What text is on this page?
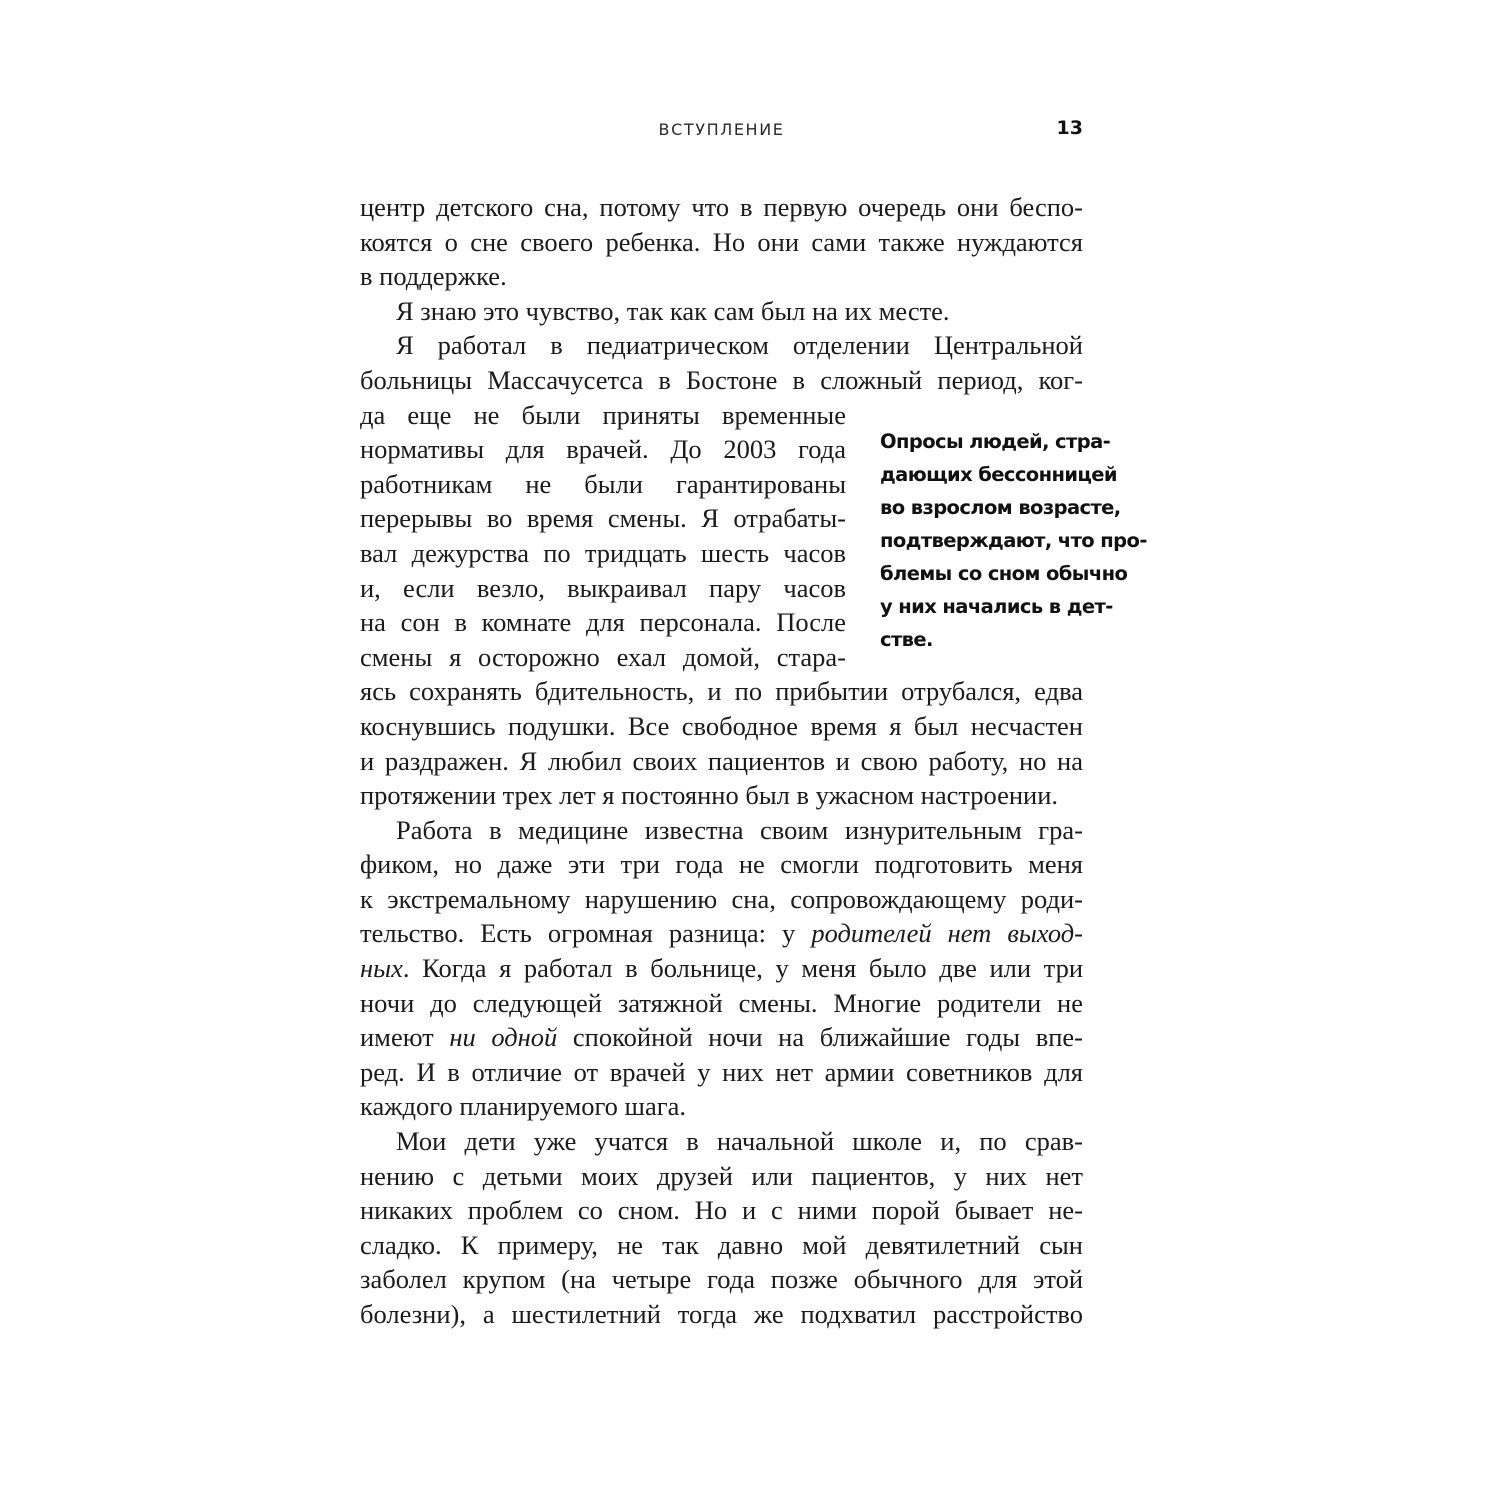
ВСТУПЛЕНИЕ	13
центр детского сна, потому что в первую очередь они беспо-
коятся о сне своего ребенка. Но они сами также нуждаются
в поддержке.
Я знаю это чувство, так как сам был на их месте.
Я работал в педиатрическом отделении Центральной
больницы Массачусетса в Бостоне в сложный период, ког-
да еще не были приняты временные
нормативы для врачей. До 2003 года
работникам не были гарантированы
перерывы во время смены. Я отрабаты-
вал дежурства по тридцать шесть часов
и, если везло, выкраивал пару часов
на сон в комнате для персонала. После
смены я осторожно ехал домой, стара-
ясь сохранять бдительность, и по прибытии отрубался, едва
коснувшись подушки. Все свободное время я был несчастен
и раздражен. Я любил своих пациентов и свою работу, но на
протяжении трех лет я постоянно был в ужасном настроении.
Работа в медицине известна своим изнурительным гра-
фиком, но даже эти три года не смогли подготовить меня
к экстремальному нарушению сна, сопровождающему роди-
тельство. Есть огромная разница: у родителей нет выход-
ных. Когда я работал в больнице, у меня было две или три
ночи до следующей затяжной смены. Многие родители не
имеют ни одной спокойной ночи на ближайшие годы впе-
ред. И в отличие от врачей у них нет армии советников для
каждого планируемого шага.
Мои дети уже учатся в начальной школе и, по срав-
нению с детьми моих друзей или пациентов, у них нет
никаких проблем со сном. Но и с ними порой бывает не-
сладко. К примеру, не так давно мой девятилетний сын
заболел крупом (на четыре года позже обычного для этой
болезни), а шестилетний тогда же подхватил расстройство
Опросы людей, стра-
дающих бессонницей
во взрослом возрасте,
подтверждают, что про-
блемы со сном обычно
у них начались в дет-
стве.
